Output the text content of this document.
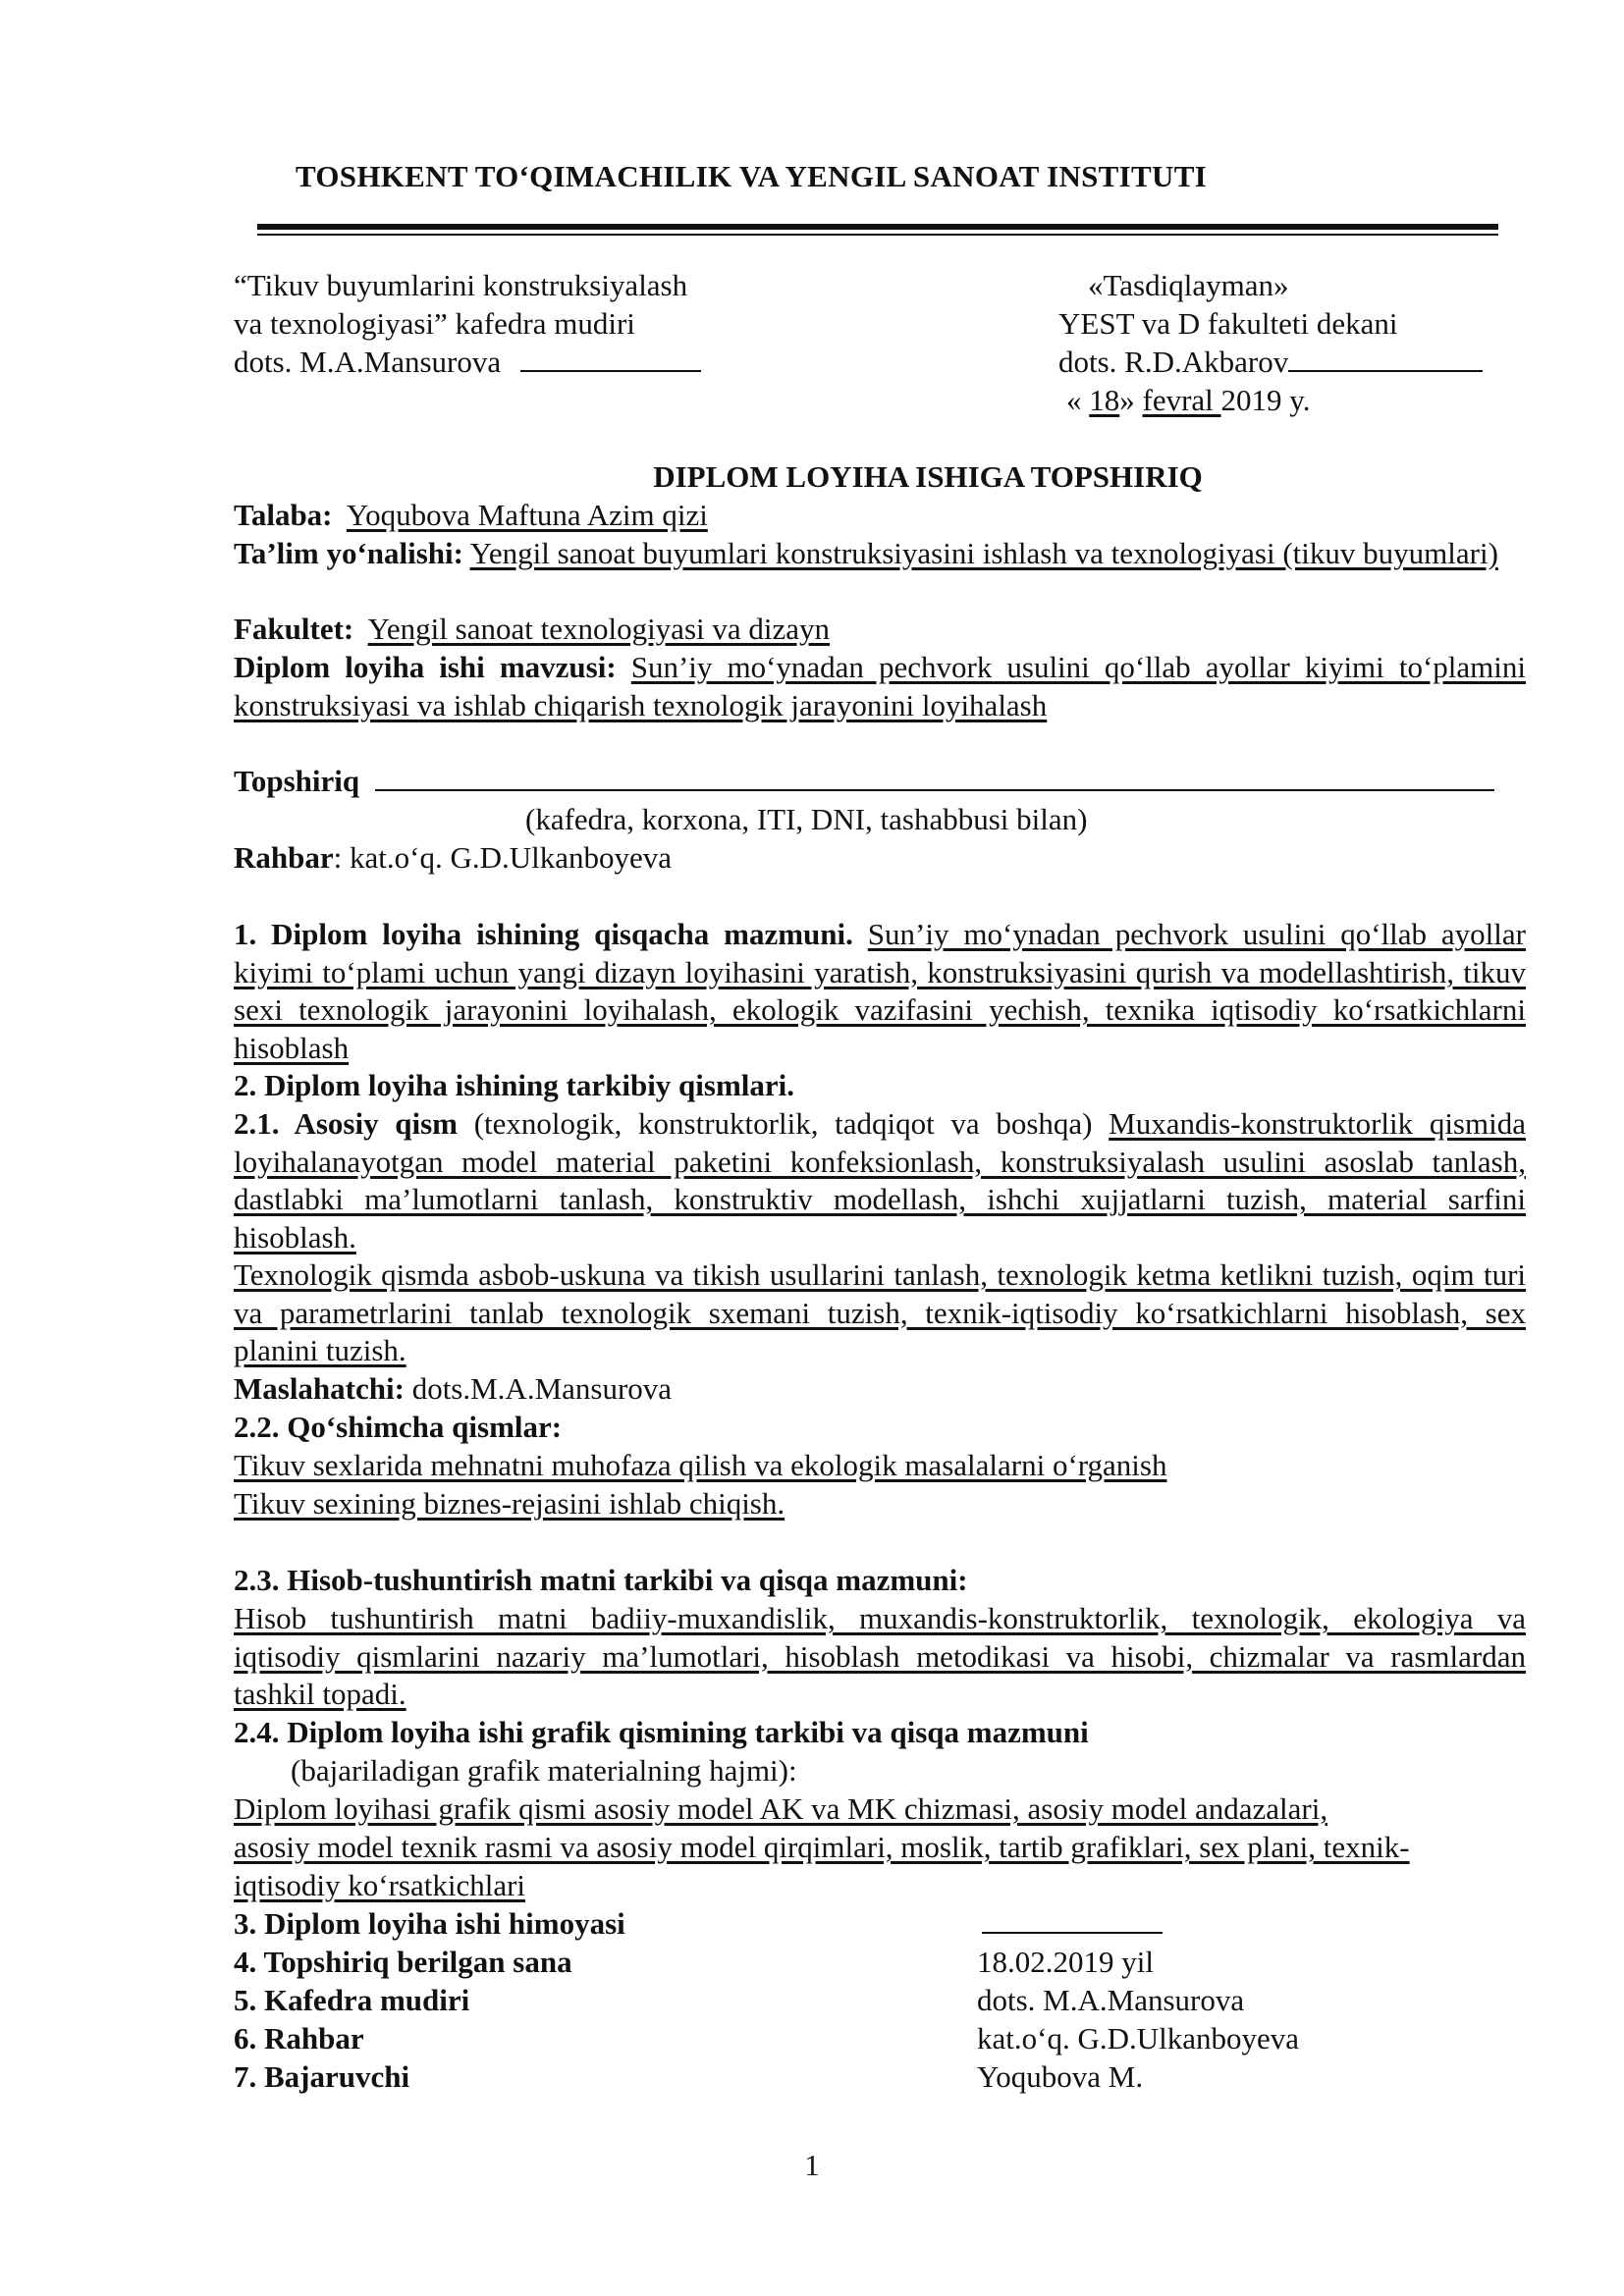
TOSHKENT TO‘QIMACHILIK VA YENGIL SANOAT INSTITUTI
“Tikuv buyumlarini konstruksiyalash
va texnologiyasi” kafedra mudiri
dots. M.A.Mansurova
«Tasdiqlayman»
YEST va D fakulteti dekani
dots. R.D.Akbarov
« 18» fevral 2019 y.
DIPLOM LOYIHA ISHIGA TOPSHIRIQ
Talaba: Yoqubova Maftuna Azim qizi
Ta’lim yo‘nalishi: Yengil sanoat buyumlari konstruksiyasini ishlash va texnologiyasi (tikuv buyumlari)
Fakultet: Yengil sanoat texnologiyasi va dizayn
Diplom loyiha ishi mavzusi: Sun’iy mo‘ynadan pechvork usulini qo‘llab ayollar kiyimi to‘plamini konstruksiyasi va ishlab chiqarish texnologik jarayonini loyihalash
Topshiriq
(kafedra, korxona, ITI, DNI, tashabbusi bilan)
Rahbar: kat.o‘q. G.D.Ulkanboyeva
1. Diplom loyiha ishining qisqacha mazmuni. Sun’iy mo‘ynadan pechvork usulini qo‘llab ayollar kiyimi to‘plami uchun yangi dizayn loyihasini yaratish, konstruksiyasini qurish va modellashtirish, tikuv sexi texnologik jarayonini loyihalash, ekologik vazifasini yechish, texnika iqtisodiy ko‘rsatkichlarni hisoblash
2. Diplom loyiha ishining tarkibiy qismlari.
2.1. Asosiy qism (texnologik, konstruktorlik, tadqiqot va boshqa) Muxandis-konstruktorlik qismida loyihalanayotgan model material paketini konfeksionlash, konstruksiyalash usulini asoslab tanlash, dastlabki ma’lumotlarni tanlash, konstruktiv modellash, ishchi xujjatlarni tuzish, material sarfini hisoblash.
Texnologik qismda asbob-uskuna va tikish usullarini tanlash, texnologik ketma ketlikni tuzish, oqim turi va parametrlarini tanlab texnologik sxemani tuzish, texnik-iqtisodiy ko‘rsatkichlarni hisoblash, sex planini tuzish.
Maslahatchi: dots.M.A.Mansurova
2.2. Qo‘shimcha qismlar:
Tikuv sexlarida mehnatni muhofaza qilish va ekologik masalalarni o‘rganish
Tikuv sexining biznes-rejasini ishlab chiqish.
2.3. Hisob-tushuntirish matni tarkibi va qisqa mazmuni:
Hisob tushuntirish matni badiiy-muxandislik, muxandis-konstruktorlik, texnologik, ekologiya va iqtisodiy qismlarini nazariy ma’lumotlari, hisoblash metodikasi va hisobi, chizmalar va rasmlardan tashkil topadi.
2.4. Diplom loyiha ishi grafik qismining tarkibi va qisqa mazmuni
(bajariladigan grafik materialning hajmi):
Diplom loyihasi grafik qismi asosiy model AK va MK chizmasi, asosiy model andazalari,
asosiy model texnik rasmi va asosiy model qirqimlari, moslik, tartib grafiklari, sex plani, texnik-
iqtisodiy ko‘rsatkichlari
3. Diplom loyiha ishi himoyasi
4. Topshiriq berilgan sana	18.02.2019 yil
5. Kafedra mudiri	dots. M.A.Mansurova
6. Rahbar	kat.o‘q. G.D.Ulkanboyeva
7. Bajaruvchi	Yoqubova M.
1
